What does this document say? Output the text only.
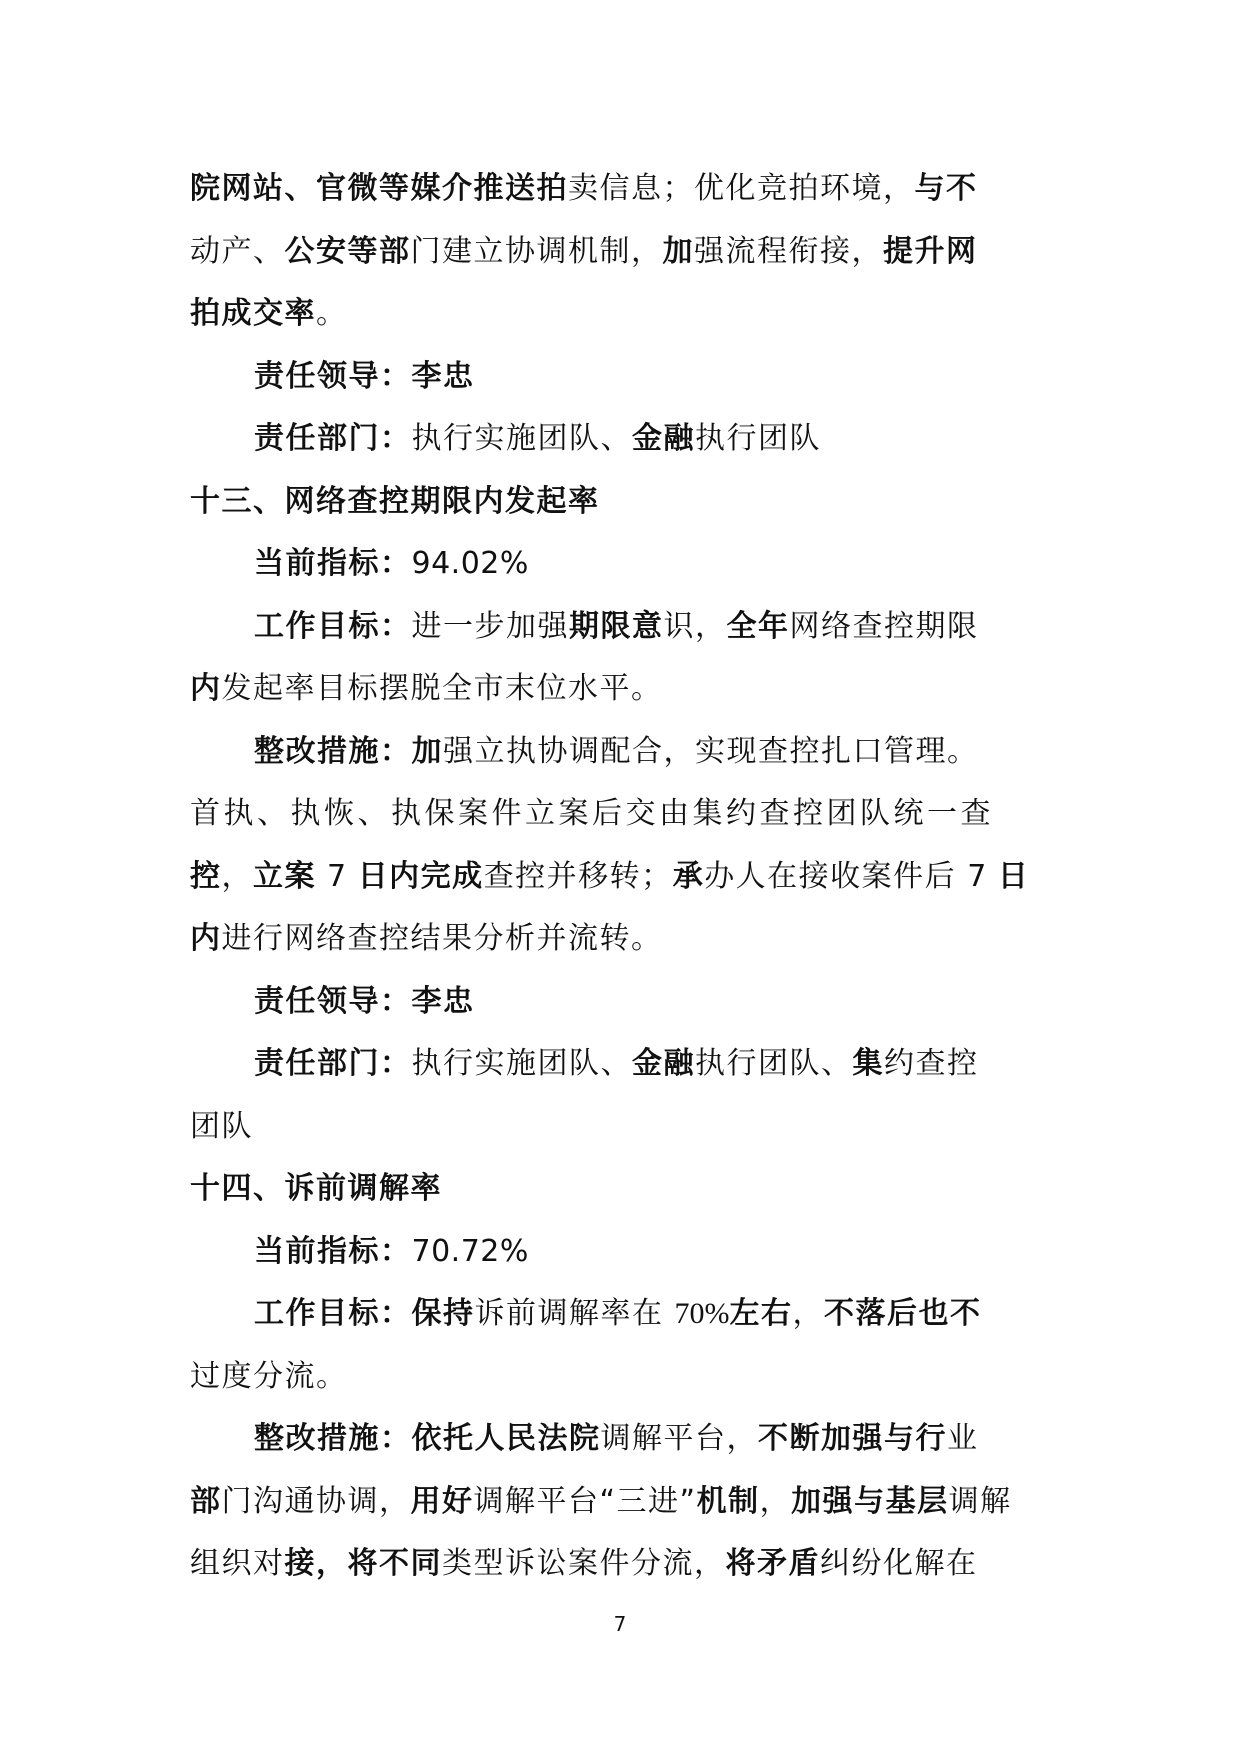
院网站、官微等媒介推送拍卖信息；优化竞拍环境，与不
动产、公安等部门建立协调机制，加强流程衔接，提升网
拍成交率。
责任领导：李忠
责任部门：执行实施团队、金融执行团队
十三、网络查控期限内发起率
当前指标：94.02%
工作目标：进一步加强期限意识，全年网络查控期限
内发起率目标摆脱全市末位水平。
整改措施：加强立执协调配合，实现查控扎口管理。
首执、执恢、执保案件立案后交由集约查控团队统一查
控，立案 7 日内完成查控并移转；承办人在接收案件后 7 日
内进行网络查控结果分析并流转。
责任领导：李忠
责任部门：执行实施团队、金融执行团队、集约查控
团队
十四、诉前调解率
当前指标：70.72%
工作目标：保持诉前调解率在 70%左右，不落后也不
过度分流。
整改措施：依托人民法院调解平台，不断加强与行业
部门沟通协调，用好调解平台“三进”机制，加强与基层调解
组织对接，将不同类型诉讼案件分流，将矛盾纠纷化解在
7
